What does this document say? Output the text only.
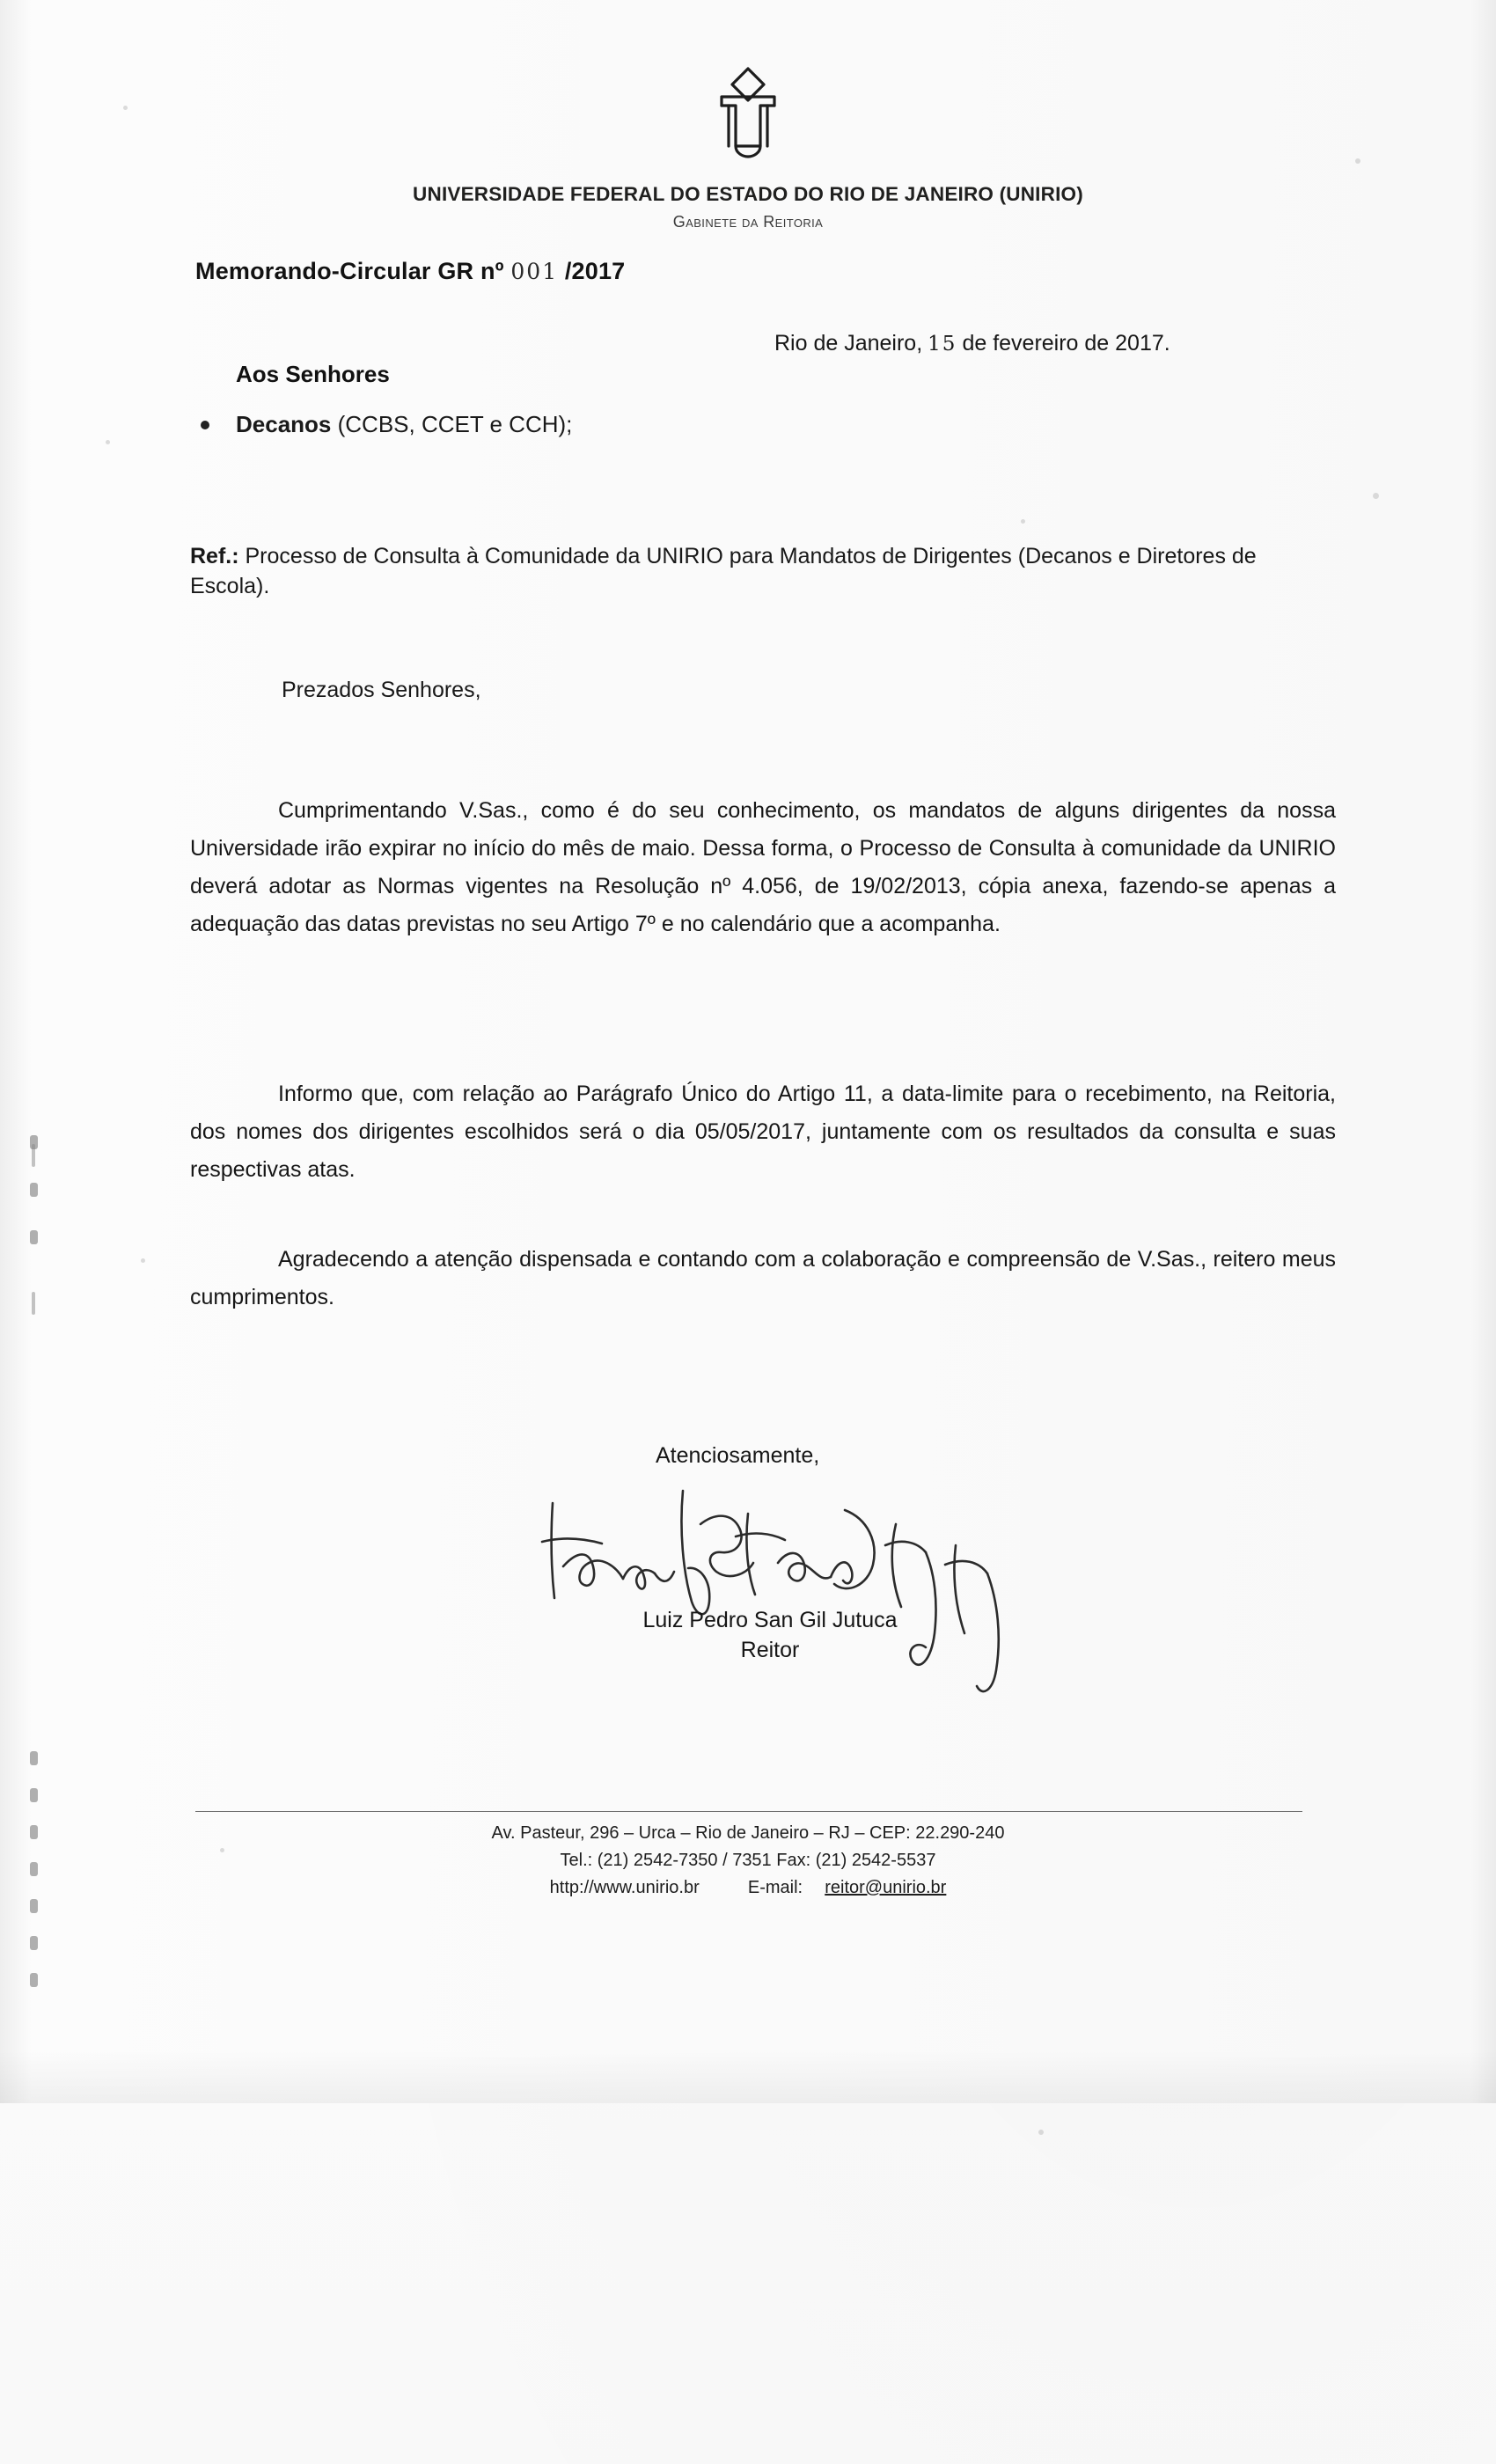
UNIVERSIDADE FEDERAL DO ESTADO DO RIO DE JANEIRO (UNIRIO)
Gabinete da Reitoria
Memorando-Circular GR nº 001 /2017
Rio de Janeiro, 15 de fevereiro de 2017.
Aos Senhores
Decanos (CCBS, CCET e CCH);
Ref.: Processo de Consulta à Comunidade da UNIRIO para Mandatos de Dirigentes (Decanos e Diretores de Escola).
Prezados Senhores,
Cumprimentando V.Sas., como é do seu conhecimento, os mandatos de alguns dirigentes da nossa Universidade irão expirar no início do mês de maio. Dessa forma, o Processo de Consulta à comunidade da UNIRIO deverá adotar as Normas vigentes na Resolução nº 4.056, de 19/02/2013, cópia anexa, fazendo-se apenas a adequação das datas previstas no seu Artigo 7º e no calendário que a acompanha.
Informo que, com relação ao Parágrafo Único do Artigo 11, a data-limite para o recebimento, na Reitoria, dos nomes dos dirigentes escolhidos será o dia 05/05/2017, juntamente com os resultados da consulta e suas respectivas atas.
Agradecendo a atenção dispensada e contando com a colaboração e compreensão de V.Sas., reitero meus cumprimentos.
Atenciosamente,
Luiz Pedro San Gil Jutuca
Reitor
Av. Pasteur, 296 – Urca – Rio de Janeiro – RJ – CEP: 22.290-240
Tel.: (21) 2542-7350 / 7351 Fax: (21) 2542-5537
http://www.unirio.br	E-mail: reitor@unirio.br
